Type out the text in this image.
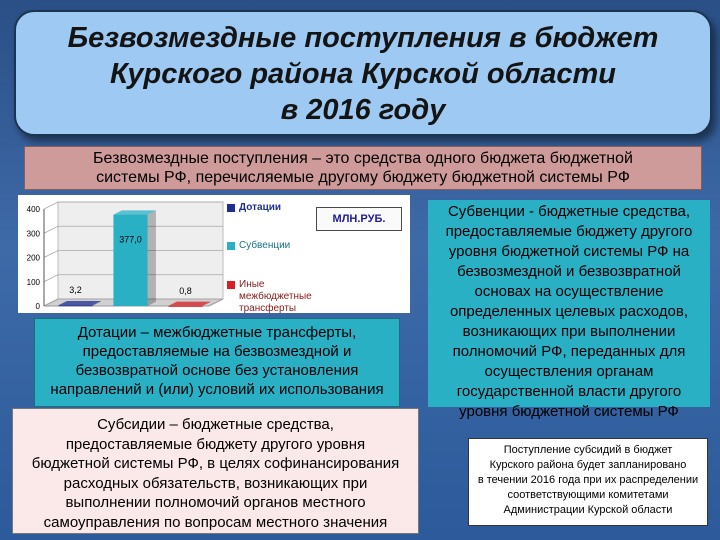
Безвозмездные поступления в бюджет
Курского района Курской области
в 2016 году
Безвозмездные поступления – это средства одного бюджета бюджетной
системы РФ, перечисляемые другому бюджету бюджетной системы РФ
0
100
200
300
400
3,2
377,0
0,8
МЛН.РУБ.
Дотации
Субвенции
Иные межбюджетные трансферты
Дотации – межбюджетные трансферты,
предоставляемые на безвозмездной и
безвозвратной основе без установления
направлений и (или) условий их использования
Субсидии – бюджетные средства,
предоставляемые бюджету другого уровня
бюджетной системы РФ, в целях софинансирования
расходных обязательств, возникающих при
выполнении полномочий органов местного
самоуправления по вопросам местного значения
Субвенции - бюджетные средства,
предоставляемые бюджету другого
уровня бюджетной системы РФ на
безвозмездной и безвозвратной
основах на осуществление
определенных целевых расходов,
возникающих при выполнении
полномочий РФ, переданных для
осуществления органам
государственной власти другого
уровня бюджетной системы РФ
Поступление субсидий в бюджет
Курского района будет запланировано
в течении 2016 года при их распределении
соответствующими комитетами
Администрации Курской области
